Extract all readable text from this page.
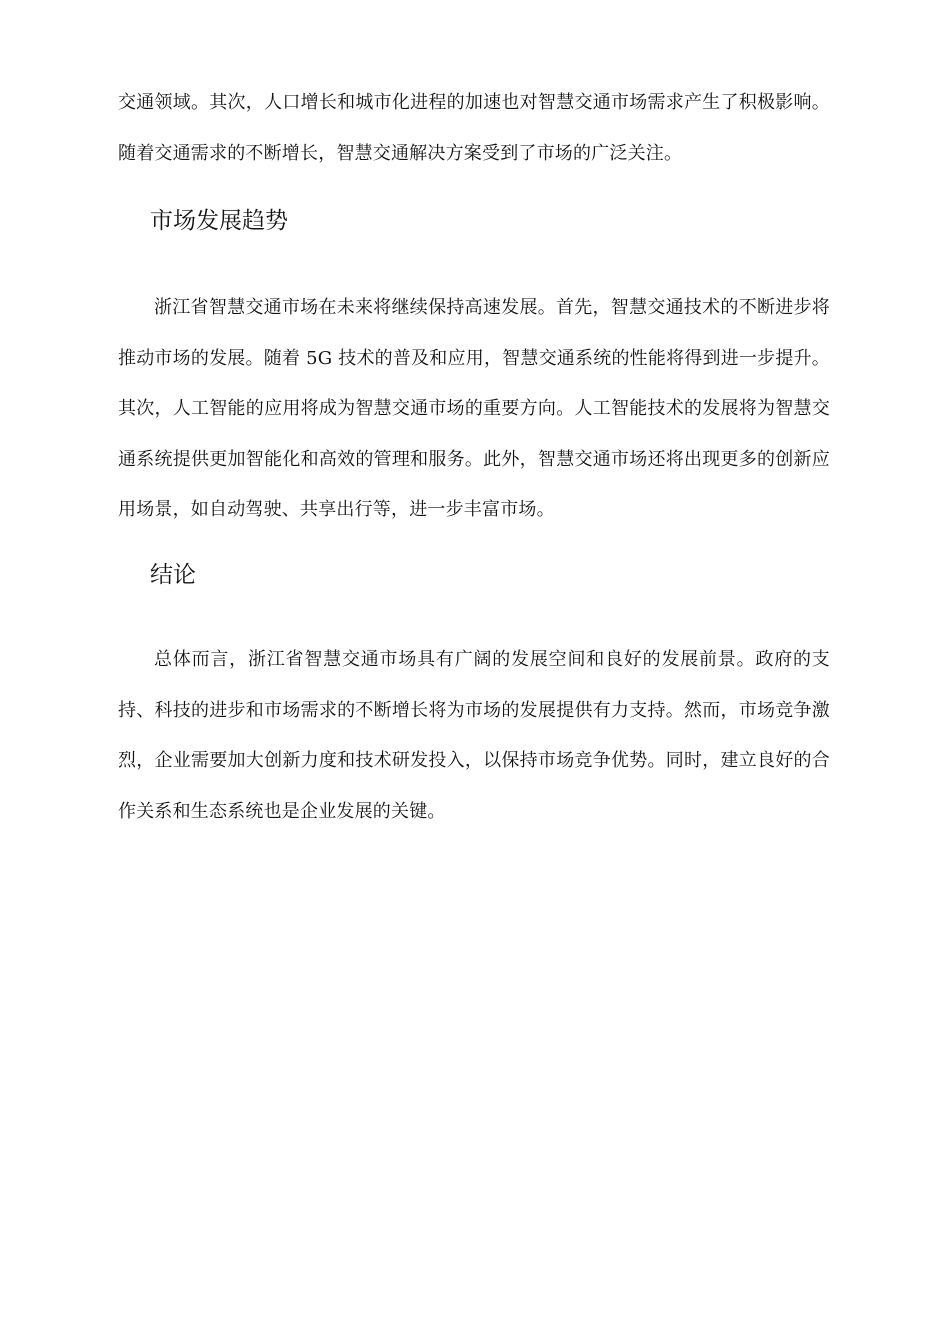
交通领域。其次，人口增长和城市化进程的加速也对智慧交通市场需求产生了积极影响。随着交通需求的不断增长，智慧交通解决方案受到了市场的广泛关注。

市场发展趋势

浙江省智慧交通市场在未来将继续保持高速发展。首先，智慧交通技术的不断进步将推动市场的发展。随着 5G 技术的普及和应用，智慧交通系统的性能将得到进一步提升。其次，人工智能的应用将成为智慧交通市场的重要方向。人工智能技术的发展将为智慧交通系统提供更加智能化和高效的管理和服务。此外，智慧交通市场还将出现更多的创新应用场景，如自动驾驶、共享出行等，进一步丰富市场。

结论

总体而言，浙江省智慧交通市场具有广阔的发展空间和良好的发展前景。政府的支持、科技的进步和市场需求的不断增长将为市场的发展提供有力支持。然而，市场竞争激烈，企业需要加大创新力度和技术研发投入，以保持市场竞争优势。同时，建立良好的合作关系和生态系统也是企业发展的关键。
